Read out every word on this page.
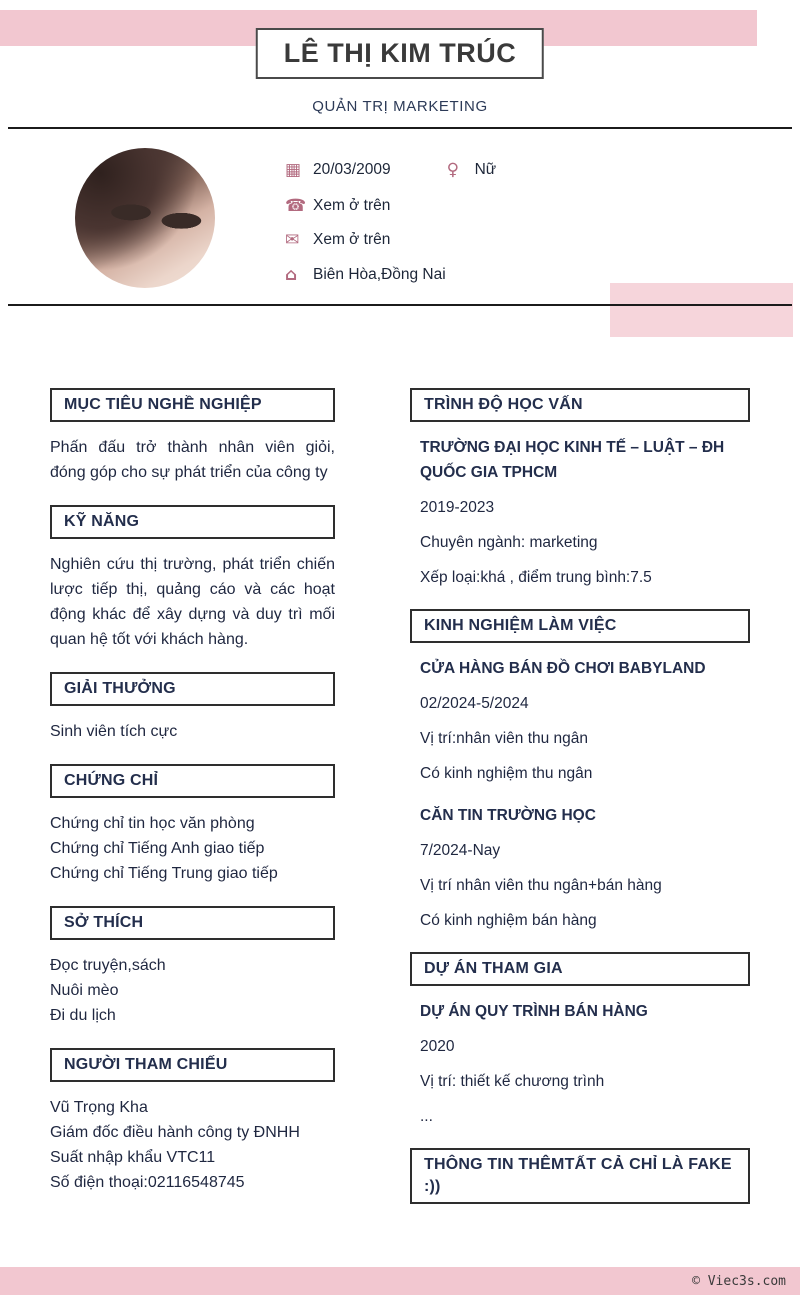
LÊ THỊ KIM TRÚC
QUẢN TRỊ MARKETING
▦ 20/03/2009	♀	Nữ
☎ Xem ở trên
✉ Xem ở trên
⌂	Biên Hòa,Đồng Nai
MỤC TIÊU NGHỀ NGHIỆP
Phấn đấu trở thành nhân viên giỏi, đóng góp cho sự phát triển của công ty
KỸ NĂNG
Nghiên cứu thị trường, phát triển chiến lược tiếp thị, quảng cáo và các hoạt động khác để xây dựng và duy trì mối quan hệ tốt với khách hàng.
GIẢI THƯỞNG
Sinh viên tích cực
CHỨNG CHỈ
Chứng chỉ tin học văn phòng
Chứng chỉ Tiếng Anh giao tiếp
Chứng chỉ Tiếng Trung giao tiếp
SỞ THÍCH
Đọc truyện,sách
Nuôi mèo
Đi du lịch
NGƯỜI THAM CHIẾU
Vũ Trọng Kha
Giám đốc điều hành công ty ĐNHH
Suất nhập khẩu VTC11
Số điện thoại:02116548745
TRÌNH ĐỘ HỌC VẤN
TRƯỜNG ĐẠI HỌC KINH TẾ – LUẬT – ĐH QUỐC GIA TPHCM
2019-2023
Chuyên ngành: marketing
Xếp loại:khá , điểm trung bình:7.5
KINH NGHIỆM LÀM VIỆC
CỬA HÀNG BÁN ĐỒ CHƠI BABYLAND
02/2024-5/2024
Vị trí:nhân viên thu ngân
Có kinh nghiệm thu ngân
CĂN TIN TRƯỜNG HỌC
7/2024-Nay
Vị trí nhân viên thu ngân+bán hàng
Có kinh nghiệm bán hàng
DỰ ÁN THAM GIA
DỰ ÁN QUY TRÌNH BÁN HÀNG
2020
Vị trí: thiết kế chương trình
...
THÔNG TIN THÊMTẤT CẢ CHỈ LÀ FAKE :))
© Viec3s.com
